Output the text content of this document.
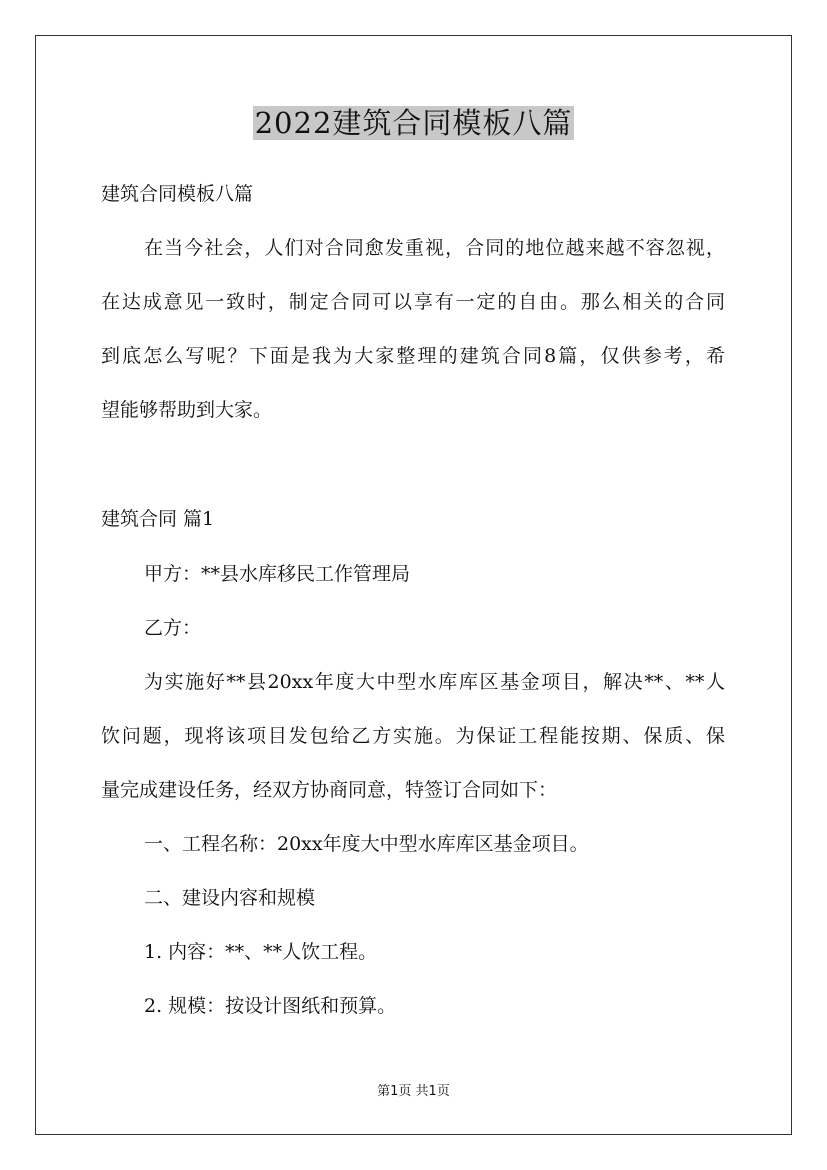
2022建筑合同模板八篇
建筑合同模板八篇
在当今社会，人们对合同愈发重视，合同的地位越来越不容忽视，
在达成意见一致时，制定合同可以享有一定的自由。那么相关的合同
到底怎么写呢？下面是我为大家整理的建筑合同8篇，仅供参考，希
望能够帮助到大家。
建筑合同 篇1
甲方：**县水库移民工作管理局
乙方：
为实施好**县20xx年度大中型水库库区基金项目，解决**、**人
饮问题，现将该项目发包给乙方实施。为保证工程能按期、保质、保
量完成建设任务，经双方协商同意，特签订合同如下：
一、工程名称：20xx年度大中型水库库区基金项目。
二、建设内容和规模
1. 内容：**、**人饮工程。
2. 规模：按设计图纸和预算。
第1页 共1页
